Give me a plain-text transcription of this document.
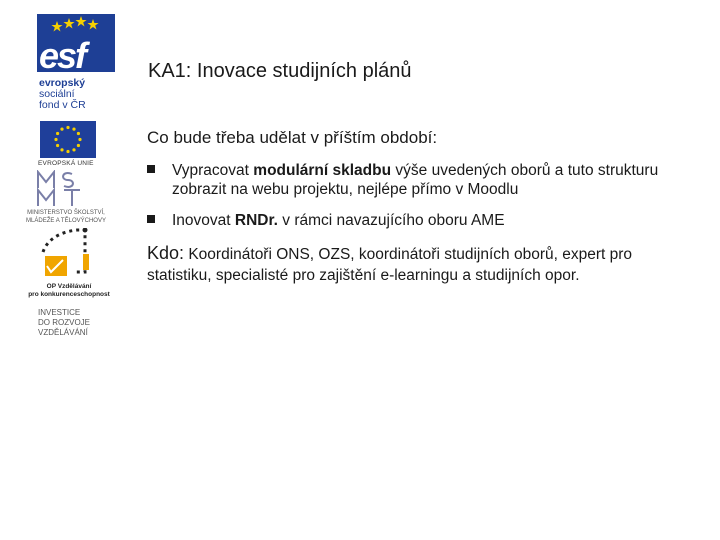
esf
evropský
sociální
fond v ČR
EVROPSKÁ UNIE
MINISTERSTVO ŠKOLSTVÍ,
MLÁDEŽE A TĚLOVÝCHOVY
OP Vzdělávání
pro konkurenceschopnost
INVESTICE
DO ROZVOJE
VZDĚLÁVÁNÍ
KA1: Inovace studijních plánů
Co bude třeba udělat v příštím období:
Vypracovat modulární skladbu výše uvedených oborů a tuto strukturu zobrazit na webu projektu, nejlépe přímo v Moodlu
Inovovat RNDr. v rámci navazujícího oboru AME
Kdo: Koordinátoři ONS, OZS, koordinátoři studijních oborů, expert pro statistiku, specialisté pro zajištění e-learningu a studijních opor.
